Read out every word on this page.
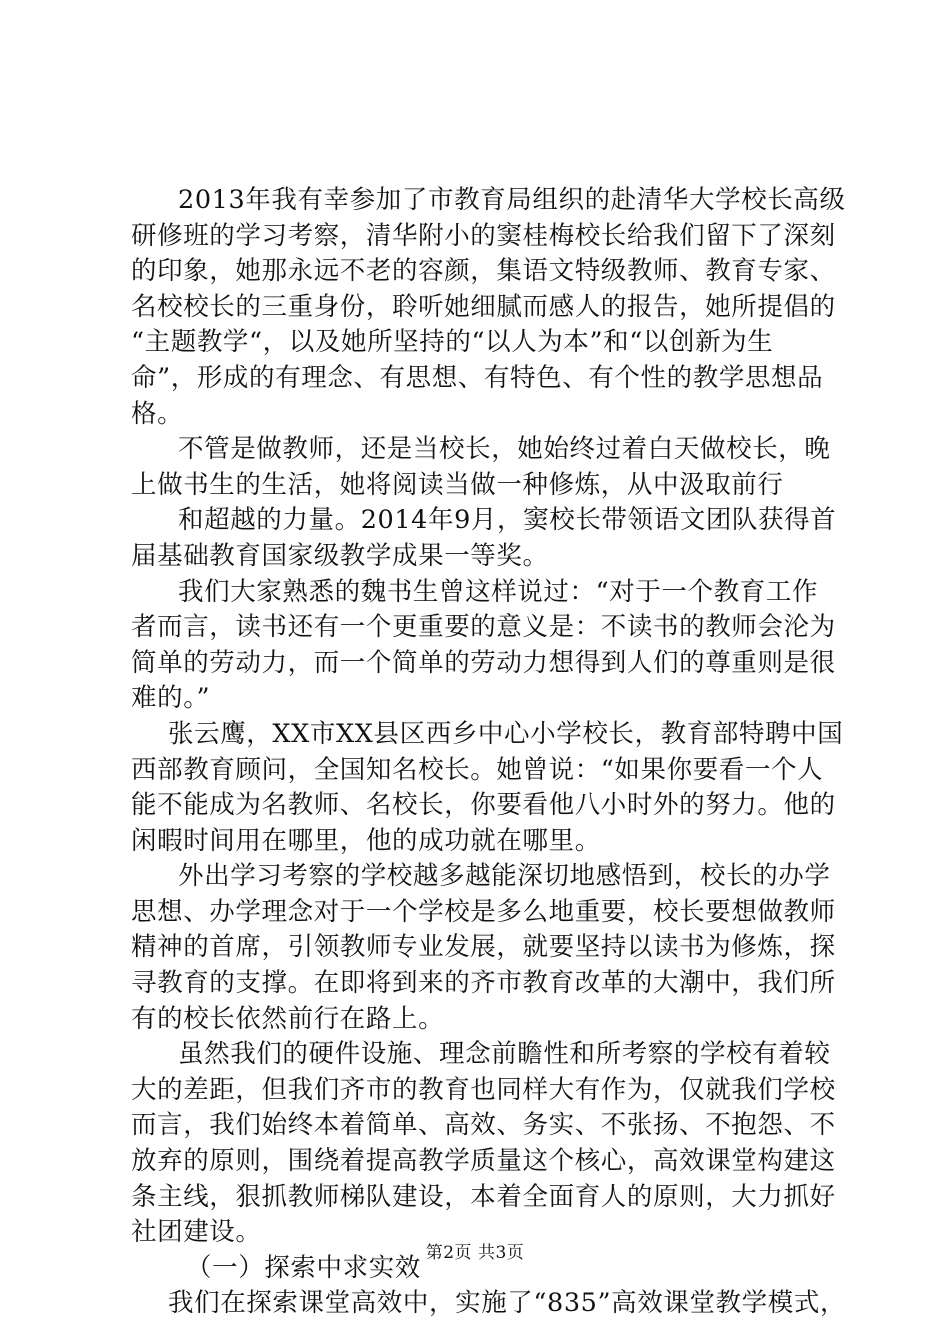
2013年我有幸参加了市教育局组织的赴清华大学校长高级
研修班的学习考察，清华附小的窦桂梅校长给我们留下了深刻
的印象，她那永远不老的容颜，集语文特级教师、教育专家、
名校校长的三重身份，聆听她细腻而感人的报告，她所提倡的
“主题教学“，以及她所坚持的“以人为本”和“以创新为生
命”，形成的有理念、有思想、有特色、有个性的教学思想品
格。
不管是做教师，还是当校长，她始终过着白天做校长，晚
上做书生的生活，她将阅读当做一种修炼，从中汲取前行
和超越的力量。2014年9月，窦校长带领语文团队获得首
届基础教育国家级教学成果一等奖。
我们大家熟悉的魏书生曾这样说过：“对于一个教育工作
者而言，读书还有一个更重要的意义是：不读书的教师会沦为
简单的劳动力，而一个简单的劳动力想得到人们的尊重则是很
难的。”
张云鹰，XX市XX县区西乡中心小学校长，教育部特聘中国
西部教育顾问，全国知名校长。她曾说：“如果你要看一个人
能不能成为名教师、名校长，你要看他八小时外的努力。他的
闲暇时间用在哪里，他的成功就在哪里。
外出学习考察的学校越多越能深切地感悟到，校长的办学
思想、办学理念对于一个学校是多么地重要，校长要想做教师
精神的首席，引领教师专业发展，就要坚持以读书为修炼，探
寻教育的支撑。在即将到来的齐市教育改革的大潮中，我们所
有的校长依然前行在路上。
虽然我们的硬件设施、理念前瞻性和所考察的学校有着较
大的差距，但我们齐市的教育也同样大有作为，仅就我们学校
而言，我们始终本着简单、高效、务实、不张扬、不抱怨、不
放弃的原则，围绕着提高教学质量这个核心，高效课堂构建这
条主线，狠抓教师梯队建设，本着全面育人的原则，大力抓好
社团建设。
（一）探索中求实效
我们在探索课堂高效中，实施了“835”高效课堂教学模式，
第2页 共3页
